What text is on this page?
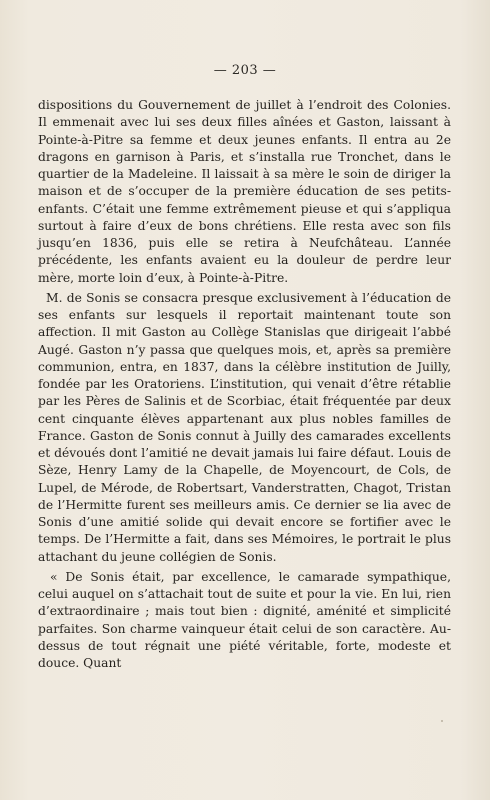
— 203 —

dispositions du Gouvernement de juillet à l’endroit des Colonies. Il emmenait avec lui ses deux filles aînées et Gaston, laissant à Pointe-à-Pitre sa femme et deux jeunes enfants. Il entra au 2e dragons en garnison à Paris, et s’installa rue Tronchet, dans le quartier de la Madeleine. Il laissait à sa mère le soin de diriger la maison et de s’occuper de la première éducation de ses petits-enfants. C’était une femme extrêmement pieuse et qui s’appliqua surtout à faire d’eux de bons chrétiens. Elle resta avec son fils jusqu’en 1836, puis elle se retira à Neufchâteau. L’année précédente, les enfants avaient eu la douleur de perdre leur mère, morte loin d’eux, à Pointe-à-Pitre.

M. de Sonis se consacra presque exclusivement à l’éducation de ses enfants sur lesquels il reportait maintenant toute son affection. Il mit Gaston au Collège Stanislas que dirigeait l’abbé Augé. Gaston n’y passa que quelques mois, et, après sa première communion, entra, en 1837, dans la célèbre institution de Juilly, fondée par les Oratoriens. L’institution, qui venait d’être rétablie par les Pères de Salinis et de Scorbiac, était fréquentée par deux cent cinquante élèves appartenant aux plus nobles familles de France. Gaston de Sonis connut à Juilly des camarades excellents et dévoués dont l’amitié ne devait jamais lui faire défaut. Louis de Sèze, Henry Lamy de la Chapelle, de Moyencourt, de Cols, de Lupel, de Mérode, de Robertsart, Vanderstratten, Chagot, Tristan de l’Hermitte furent ses meilleurs amis. Ce dernier se lia avec de Sonis d’une amitié solide qui devait encore se fortifier avec le temps. De l’Hermitte a fait, dans ses Mémoires, le portrait le plus attachant du jeune collégien de Sonis.

« De Sonis était, par excellence, le camarade sympathique, celui auquel on s’attachait tout de suite et pour la vie. En lui, rien d’extraordinaire ; mais tout bien : dignité, aménité et simplicité parfaites. Son charme vainqueur était celui de son caractère. Au-dessus de tout régnait une piété véritable, forte, modeste et douce. Quant
